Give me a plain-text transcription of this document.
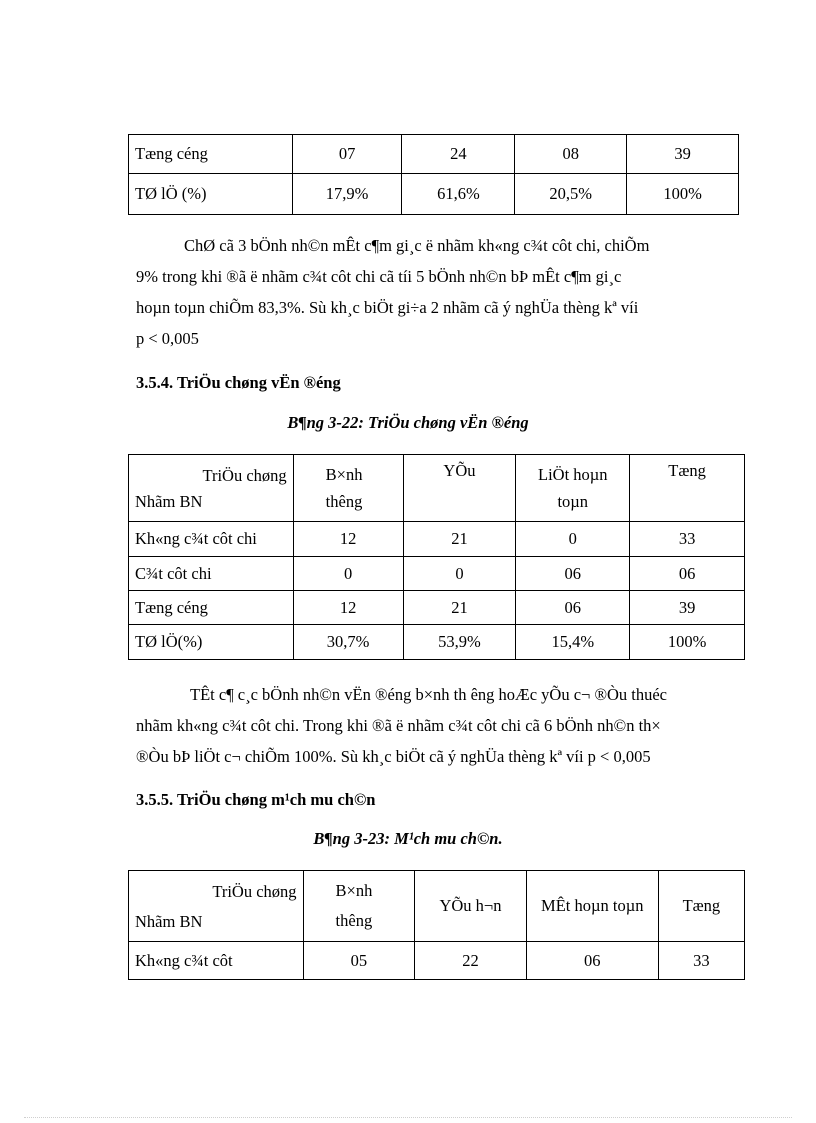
Tæng céng	07	24	08	39
TØ lÖ (%)	17,9%	61,6%	20,5%	100%
ChØ cã 3 bÖnh nh©n mÊt c¶m gi¸c ë nhãm kh«ng c¾t côt chi, chiÕm
9% trong khi ®ã ë nhãm c¾t côt chi cã tíi 5 bÖnh nh©n bÞ mÊt c¶m gi¸c
hoµn toµn chiÕm 83,3%. Sù kh¸c biÖt gi÷a 2 nhãm cã ý nghÜa thèng kª víi
p < 0,005
3.5.4. TriÖu chøng vËn ®éng
B¶ng 3-22: TriÖu chøng vËn ®éng
TriÖu chøng
Nhãm BN	B×nh thêng	YÕu	LiÖt hoµn toµn	Tæng
Kh«ng c¾t côt chi	12	21	0	33
C¾t côt chi	0	0	06	06
Tæng céng	12	21	06	39
TØ lÖ(%)	30,7%	53,9%	15,4%	100%
TÊt c¶ c¸c bÖnh nh©n vËn ®éng b×nh th êng hoÆc yÕu c¬ ®Òu thuéc
nhãm kh«ng c¾t côt chi. Trong khi ®ã ë nhãm c¾t côt chi cã 6 bÖnh nh©n th×
®Òu bÞ liÖt c¬ chiÕm 100%. Sù kh¸c biÖt cã ý nghÜa thèng kª víi p < 0,005
3.5.5. TriÖu chøng m¹ch mu ch©n
B¶ng 3-23: M¹ch mu ch©n.
TriÖu chøng
Nhãm BN	B×nh thêng	YÕu h¬n	MÊt hoµn toµn	Tæng
Kh«ng c¾t côt	05	22	06	33
